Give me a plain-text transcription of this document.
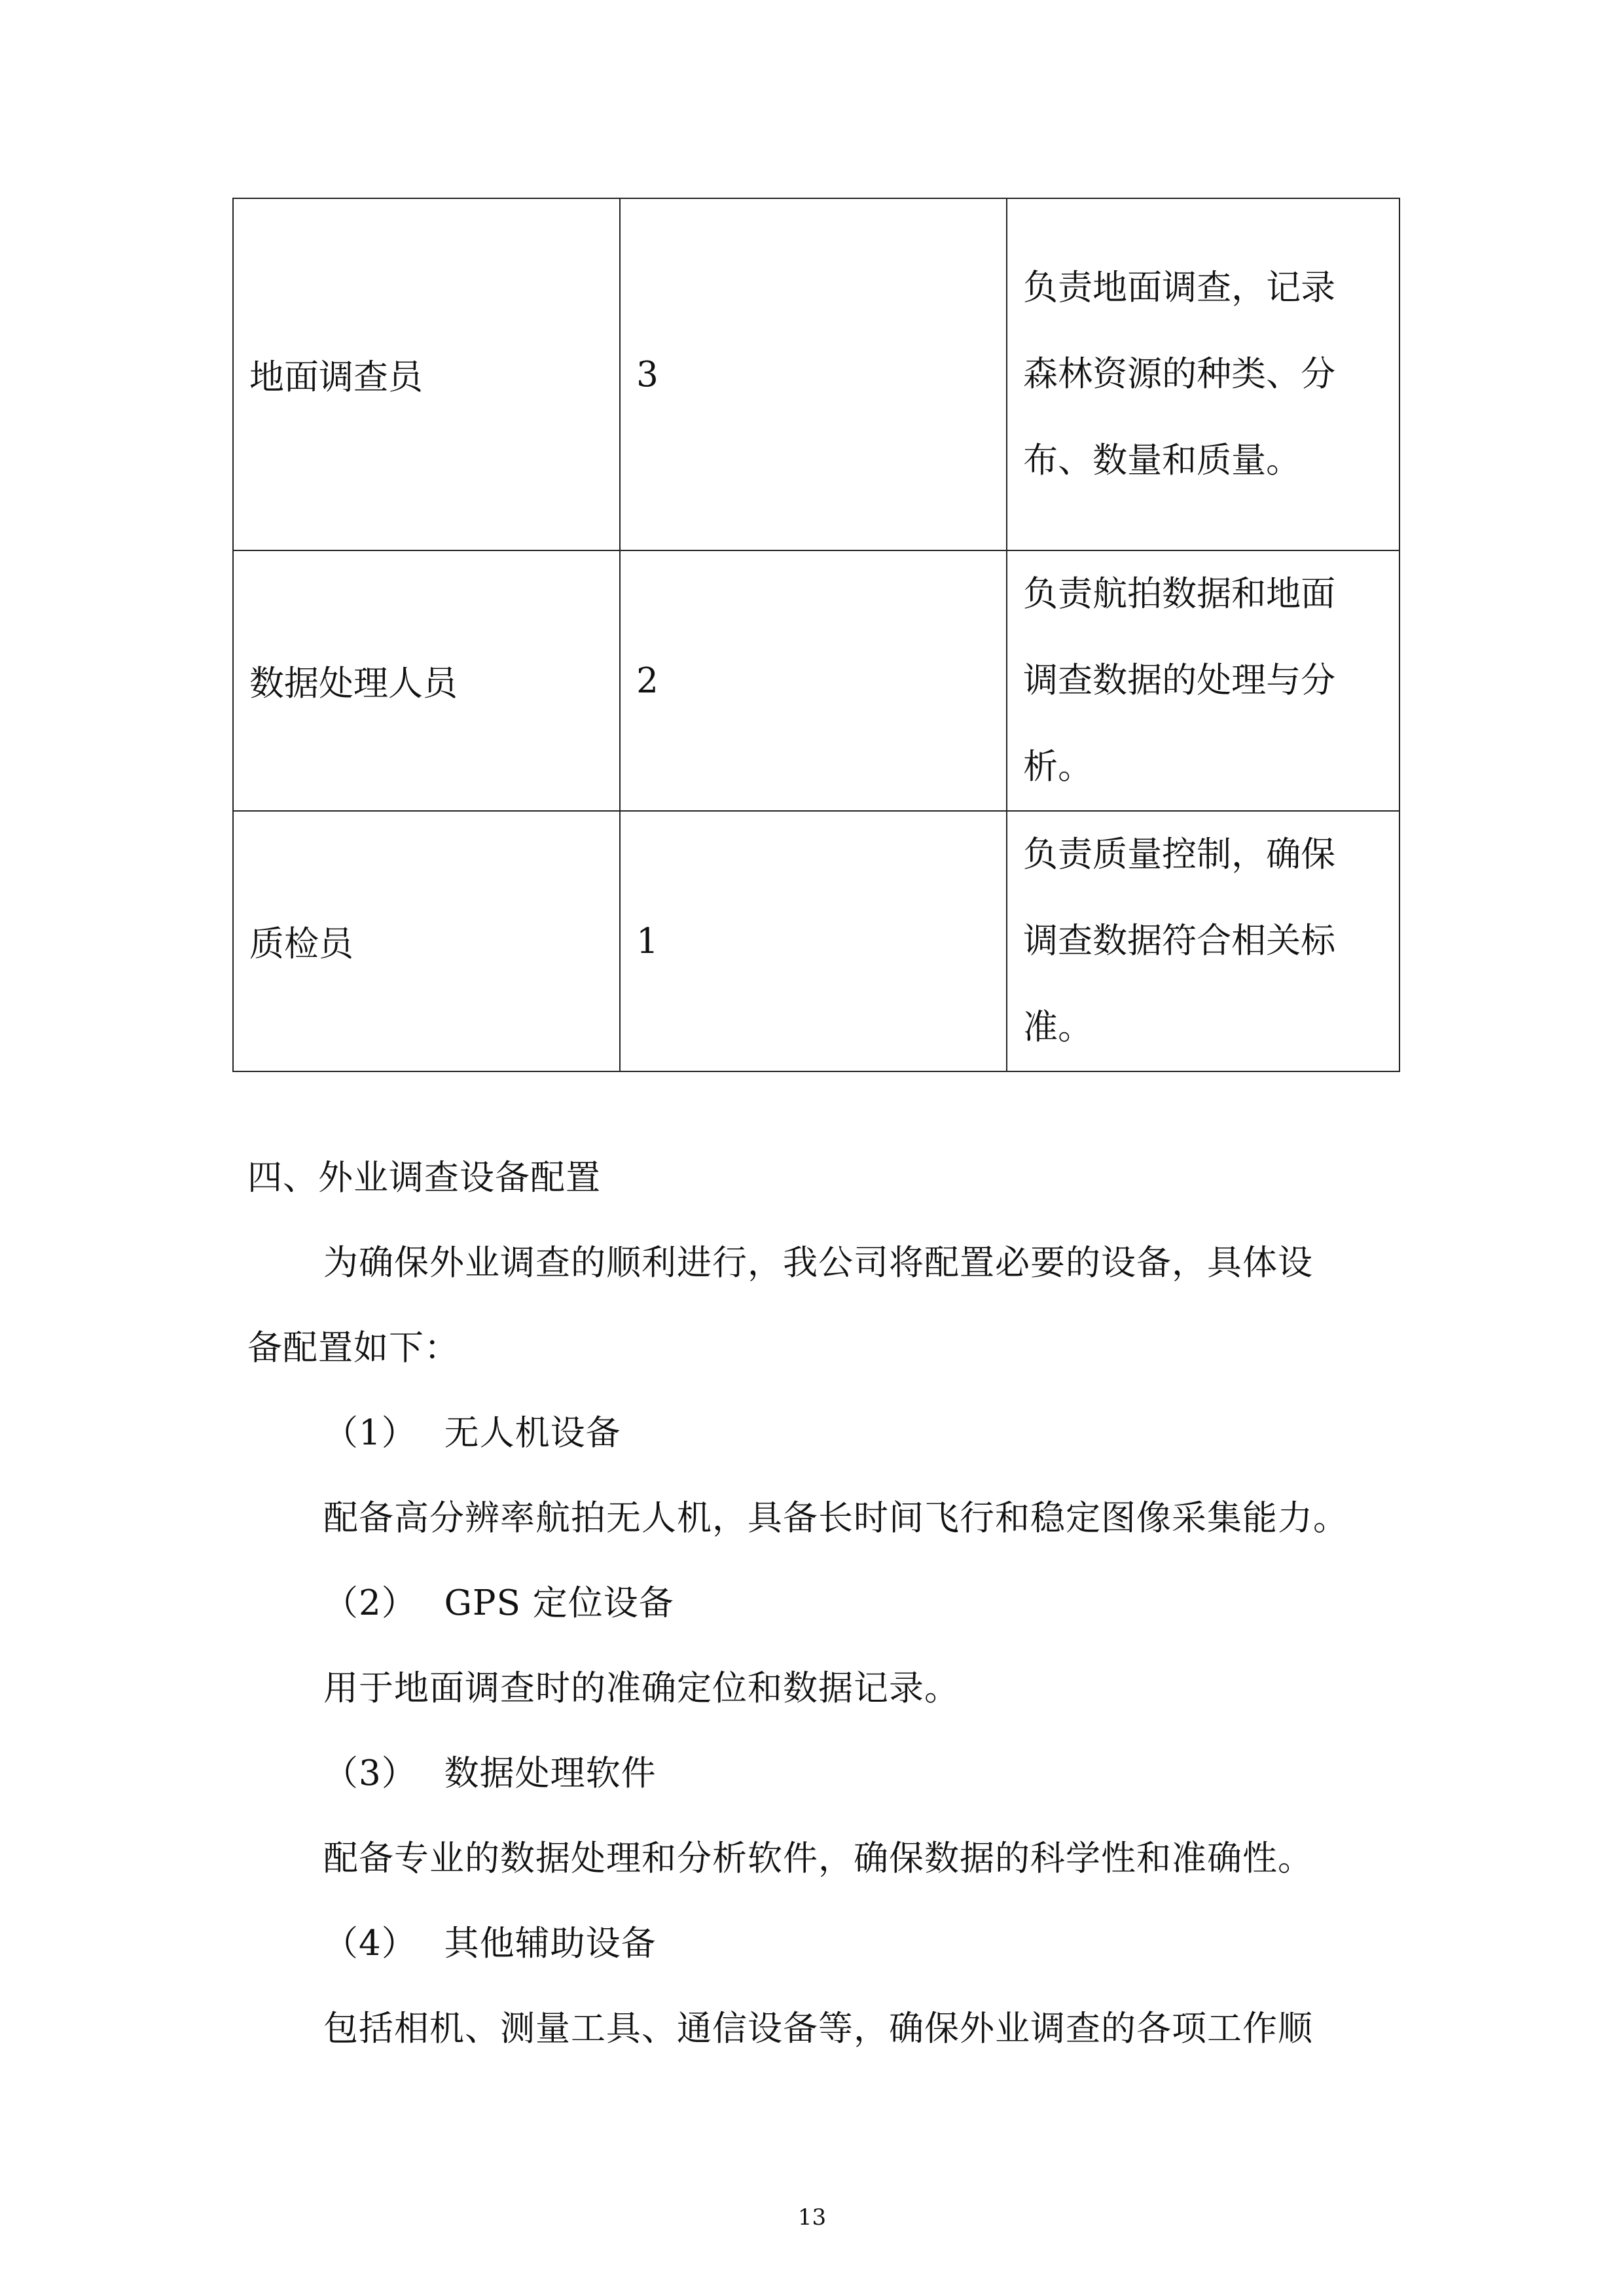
地面调查员	3	负责地面调查，记录
森林资源的种类、分
布、数量和质量。

数据处理人员	2	负责航拍数据和地面
调查数据的处理与分
析。

质检员	1	负责质量控制，确保
调查数据符合相关标
准。
四、外业调查设备配置
为确保外业调查的顺利进行，我公司将配置必要的设备，具体设
备配置如下：
（1） 无人机设备
配备高分辨率航拍无人机，具备长时间飞行和稳定图像采集能力。
（2） GPS 定位设备
用于地面调查时的准确定位和数据记录。
（3） 数据处理软件
配备专业的数据处理和分析软件，确保数据的科学性和准确性。
（4） 其他辅助设备
包括相机、测量工具、通信设备等，确保外业调查的各项工作顺
13
